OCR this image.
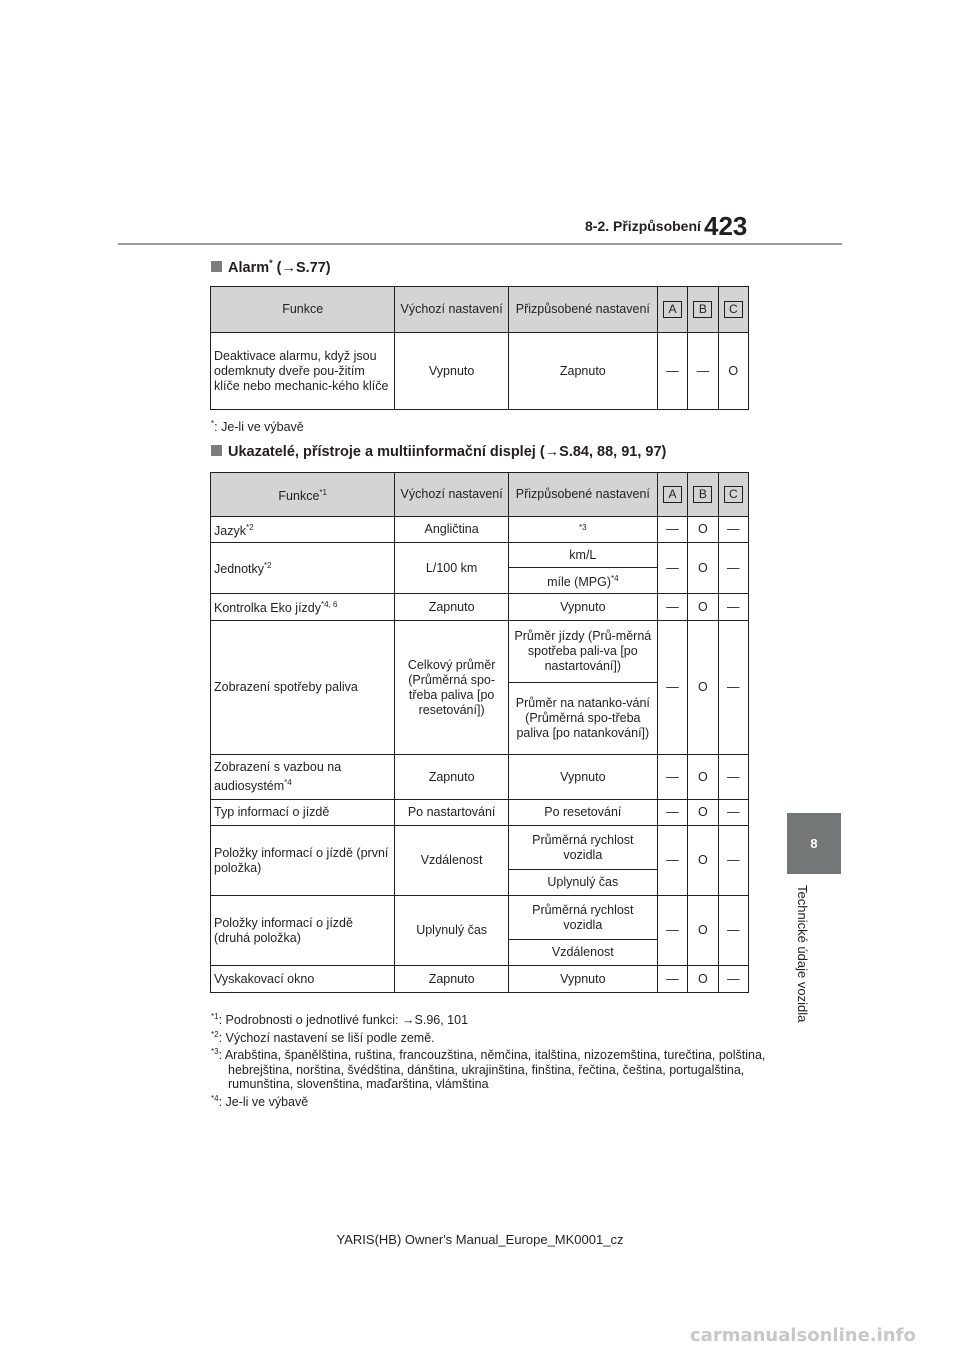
8-2. Přizpůsobení 423
8
Technické údaje vozidla
Alarm* (→S.77)
Funkce	Výchozí nastavení	Přizpůsobené nastavení	A	B	C
Deaktivace alarmu, když jsou odemknuty dveře pou-žitím klíče nebo mechanic-kého klíče	Vypnuto	Zapnuto	—	—	O
*: Je-li ve výbavě
Ukazatelé, přístroje a multiinformační displej (→S.84, 88, 91, 97)
Funkce$^{*1}$	Výchozí nastavení	Přizpůsobené nastavení	A	B	C
Jazyk$^{*2}$	Angličtina	$^{*3}$	—	O	—
Jednotky$^{*2}$	L/100 km	km/L	—	O	—
		míle (MPG)$^{*4}$
Kontrolka Eko jízdy$^{*4, 6}$	Zapnuto	Vypnuto	—	O	—
Zobrazení spotřeby paliva	Celkový průměr (Průměrná spo-třeba paliva [po resetování])	Průměr jízdy (Prů-měrná spotřeba pali-va [po nastartování])	—	O	—
		Průměr na natanko-vání (Průměrná spo-třeba paliva [po natankování])			
Zobrazení s vazbou na audiosystém$^{*4}$	Zapnuto	Vypnuto	—	O	—
Typ informací o jízdě	Po nastartování	Po resetování	—	O	—
Položky informací o jízdě (první položka)	Vzdálenost	Průměrná rychlost vozidla	—	O	—
		Uplynulý čas			
Položky informací o jízdě (druhá položka)	Uplynulý čas	Průměrná rychlost vozidla	—	O	—
		Vzdálenost			
Vyskakovací okno	Zapnuto	Vypnuto	—	O	—
$^{*1}$: Podrobnosti o jednotlivé funkci: →S.96, 101
$^{*2}$: Výchozí nastavení se liší podle země.
$^{*3}$: Arabština, španělština, ruština, francouzština, němčina, italština, nizozemština, turečtina, polština, hebrejština, norština, švédština, dánština, ukrajinština, finština, řečtina, čeština, portugalština, rumunština, slovenština, maďarština, vlámština
$^{*4}$: Je-li ve výbavě
YARIS(HB) Owner's Manual_Europe_MK0001_cz
carmanualsonline.info
